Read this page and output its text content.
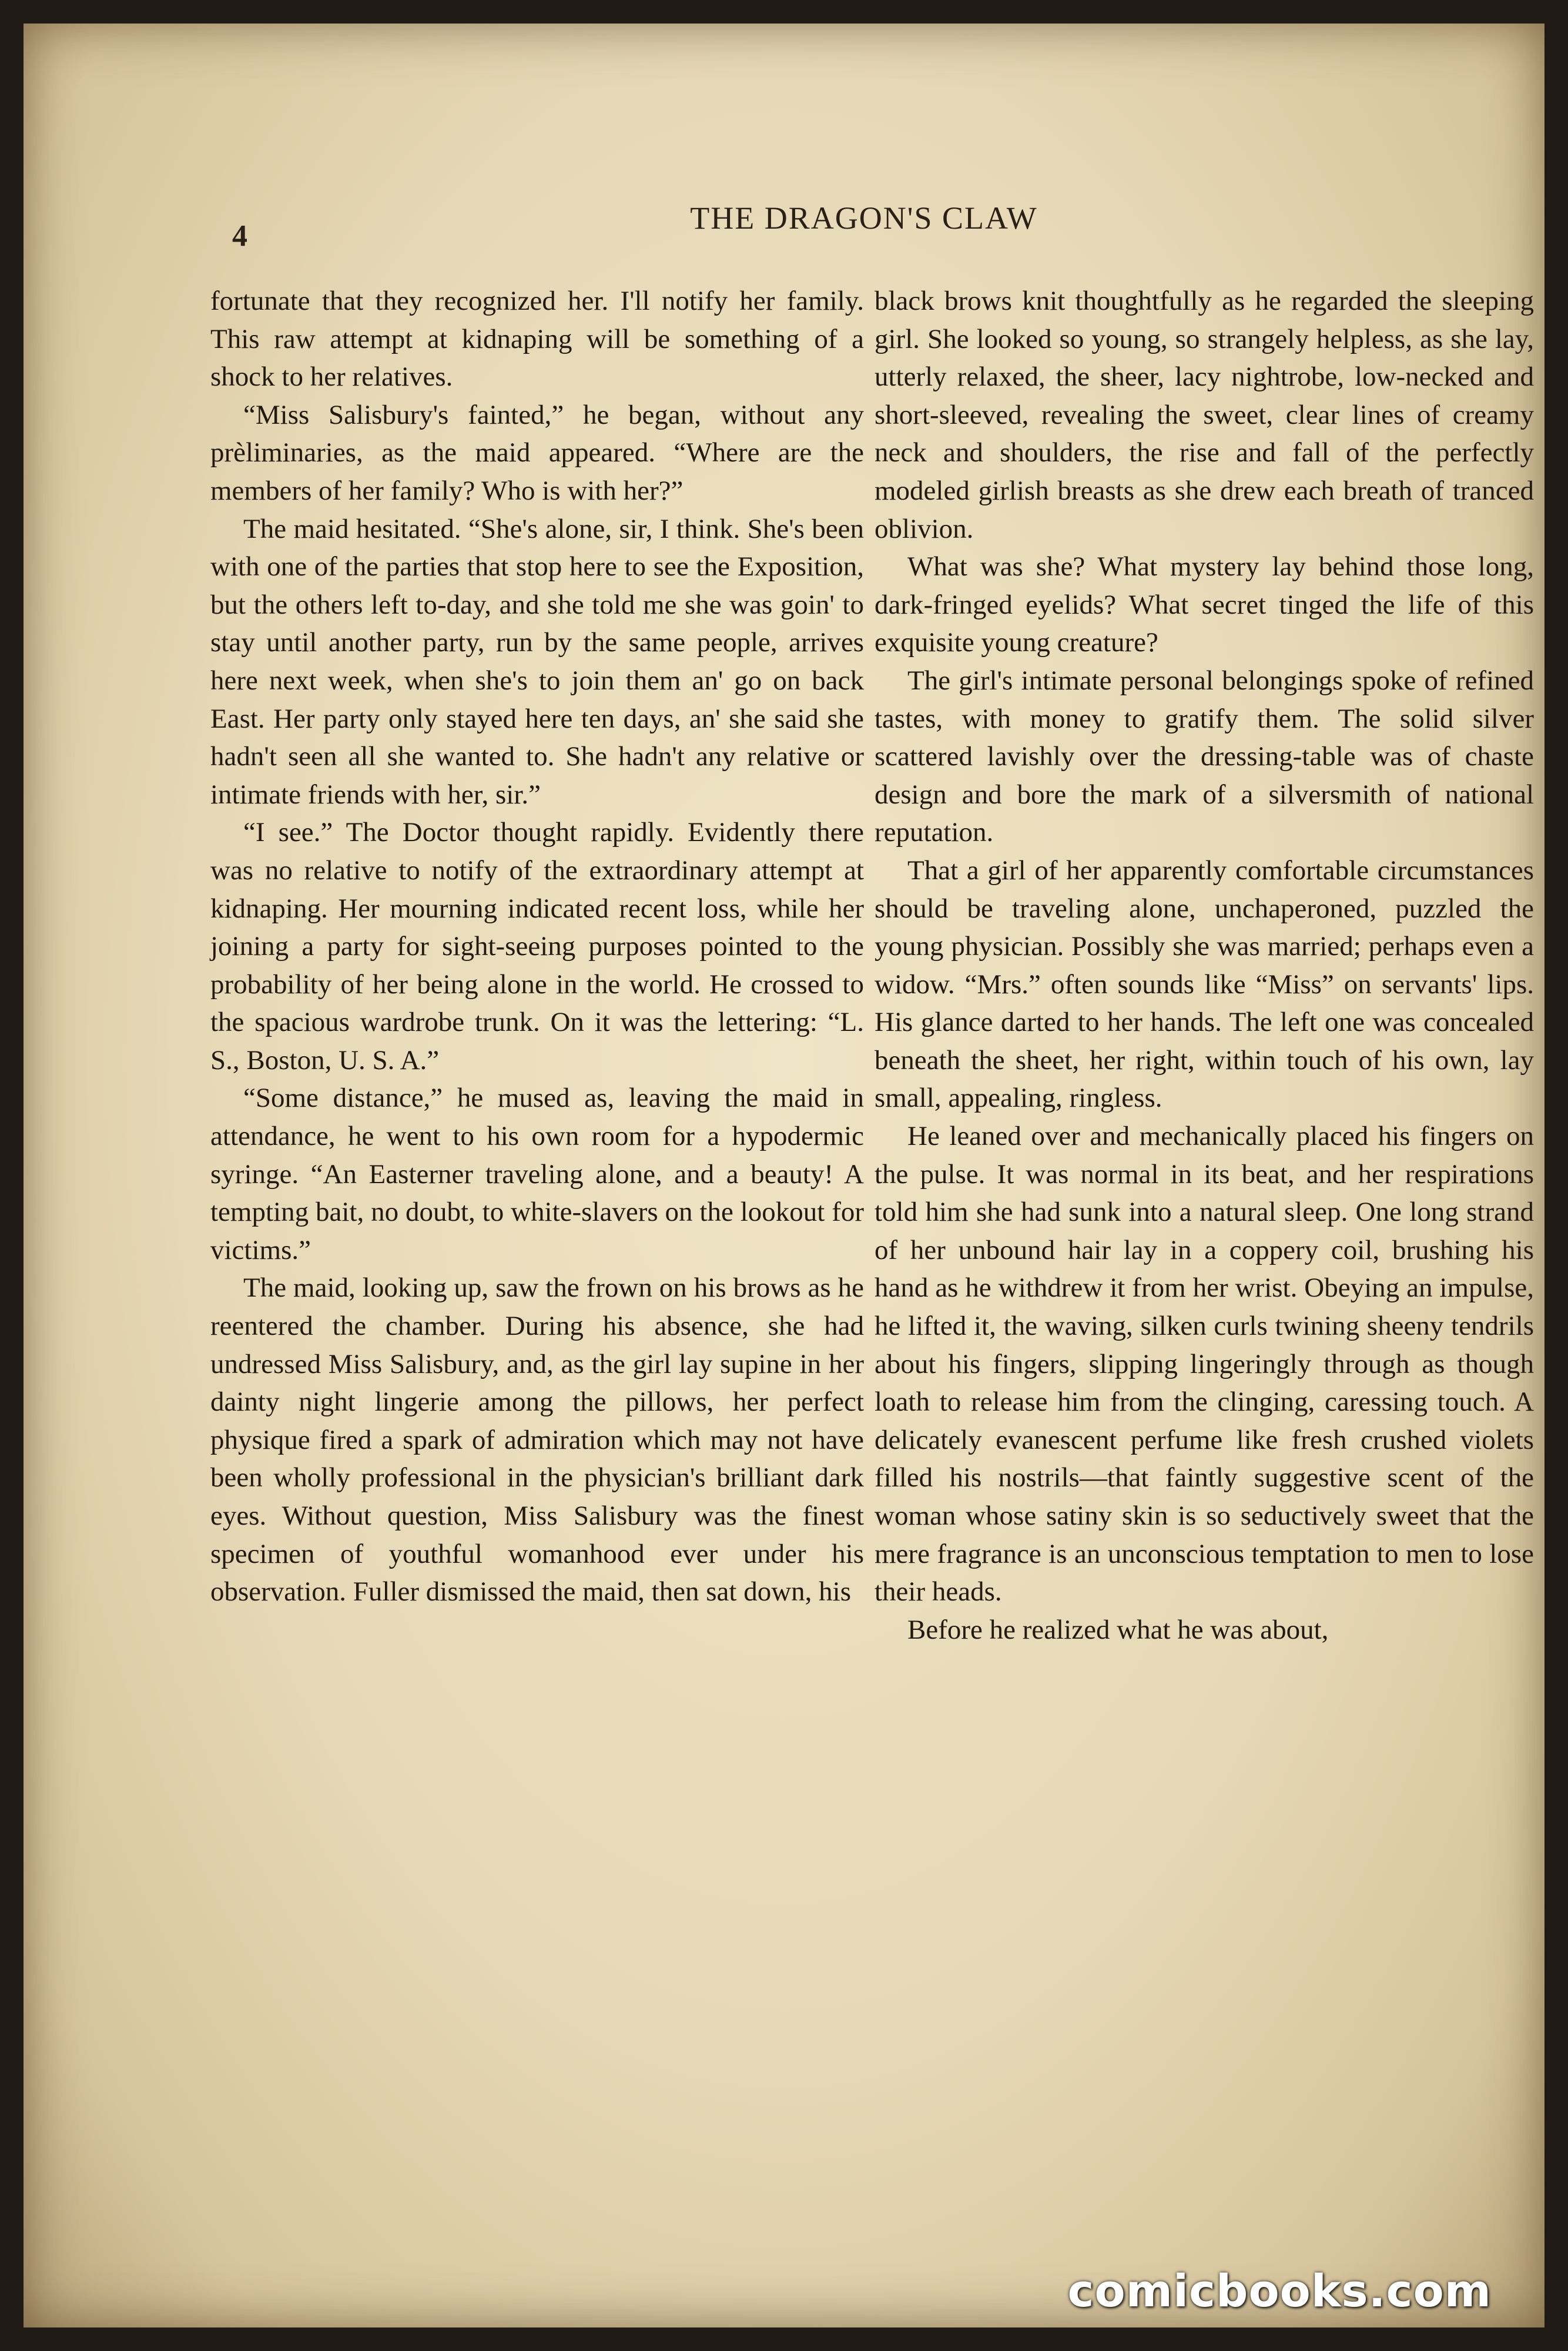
4
THE DRAGON'S CLAW

fortunate that they recognized her. I'll notify her family. This raw attempt at kidnaping will be something of a shock to her relatives.

“Miss Salisbury's fainted,” he began, without any prèliminaries, as the maid appeared. “Where are the members of her family? Who is with her?”

The maid hesitated. “She's alone, sir, I think. She's been with one of the parties that stop here to see the Exposition, but the others left to-day, and she told me she was goin' to stay until another party, run by the same people, arrives here next week, when she's to join them an' go on back East. Her party only stayed here ten days, an' she said she hadn't seen all she wanted to. She hadn't any relative or intimate friends with her, sir.”

“I see.” The Doctor thought rapidly. Evidently there was no relative to notify of the extraordinary attempt at kidnaping. Her mourning indicated recent loss, while her joining a party for sight-seeing purposes pointed to the probability of her being alone in the world. He crossed to the spacious wardrobe trunk. On it was the lettering: “L. S., Boston, U. S. A.”

“Some distance,” he mused as, leaving the maid in attendance, he went to his own room for a hypodermic syringe. “An Easterner traveling alone, and a beauty! A tempting bait, no doubt, to white-slavers on the lookout for victims.”

The maid, looking up, saw the frown on his brows as he reentered the chamber. During his absence, she had undressed Miss Salisbury, and, as the girl lay supine in her dainty night lingerie among the pillows, her perfect physique fired a spark of admiration which may not have been wholly professional in the physician's brilliant dark eyes. Without question, Miss Salisbury was the finest specimen of youthful womanhood ever under his observation. Fuller dismissed the maid, then sat down, his

black brows knit thoughtfully as he regarded the sleeping girl. She looked so young, so strangely helpless, as she lay, utterly relaxed, the sheer, lacy nightrobe, low-necked and short-sleeved, revealing the sweet, clear lines of creamy neck and shoulders, the rise and fall of the perfectly modeled girlish breasts as she drew each breath of tranced oblivion.

What was she? What mystery lay behind those long, dark-fringed eyelids? What secret tinged the life of this exquisite young creature?

The girl's intimate personal belongings spoke of refined tastes, with money to gratify them. The solid silver scattered lavishly over the dressing-table was of chaste design and bore the mark of a silversmith of national reputation.

That a girl of her apparently comfortable circumstances should be traveling alone, unchaperoned, puzzled the young physician. Possibly she was married; perhaps even a widow. “Mrs.” often sounds like “Miss” on servants' lips. His glance darted to her hands. The left one was concealed beneath the sheet, her right, within touch of his own, lay small, appealing, ringless.

He leaned over and mechanically placed his fingers on the pulse. It was normal in its beat, and her respirations told him she had sunk into a natural sleep. One long strand of her unbound hair lay in a coppery coil, brushing his hand as he withdrew it from her wrist. Obeying an impulse, he lifted it, the waving, silken curls twining sheeny tendrils about his fingers, slipping lingeringly through as though loath to release him from the clinging, caressing touch. A delicately evanescent perfume like fresh crushed violets filled his nostrils—that faintly suggestive scent of the woman whose satiny skin is so seductively sweet that the mere fragrance is an unconscious temptation to men to lose their heads.

Before he realized what he was about,

comicbooks.com
